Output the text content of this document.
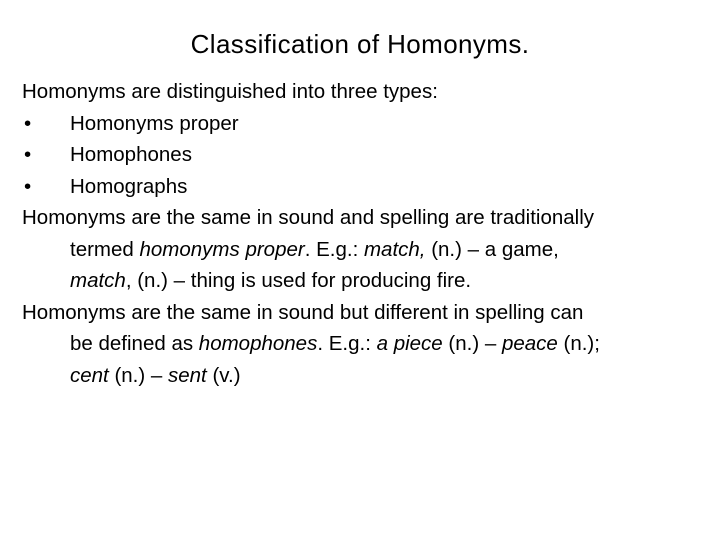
Classification of Homonyms.
Homonyms are distinguished into three types:
•	Homonyms proper
•	Homophones
•	Homographs
Homonyms are the same in sound and spelling are traditionally
termed homonyms proper. E.g.: match, (n.) – a game,
match, (n.) – thing is used for producing fire.
Homonyms are the same in sound but different in spelling can
be defined as homophones. E.g.: a piece (n.) – peace (n.);
cent (n.) – sent (v.)
